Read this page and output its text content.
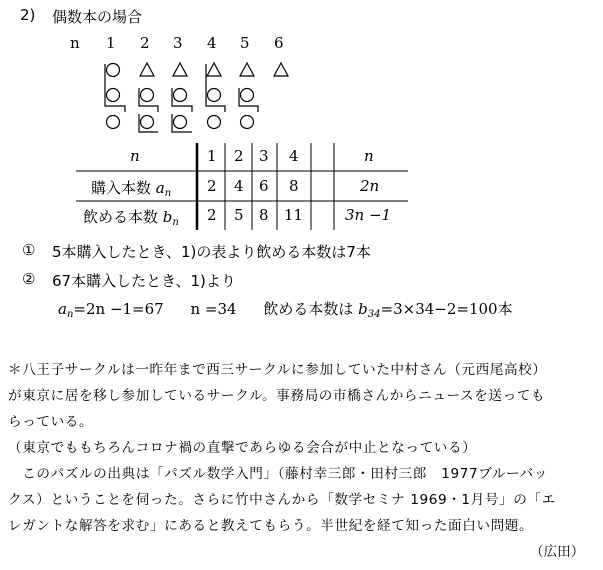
2) 偶数本の場合
n 1 2 3 4 5 6
n	1 2 3 4	n
購入本数 $a_n$ 2 4 6 8	2n
飲める本数 $b_n$ 2 5 8 11	3n −1
① 5本購入したとき、1)の表より飲める本数は7本
② 67本購入したとき、1)より
$a_n=2n -1=67$ n =34 飲める本数は $b_{34}=3\times 34-2=100$本
＊八王子サークルは一昨年まで西三サークルに参加していた中村さん（元西尾高校）
が東京に居を移し参加しているサークル。事務局の市橋さんからニュースを送っても
らっている。
（東京でももちろんコロナ禍の直撃であらゆる会合が中止となっている）
　このパズルの出典は「パズル数学入門」（藤村幸三郎・田村三郎　1977ブルーバッ
クス）ということを伺った。さらに竹中さんから「数学セミナ 1969・1月号」の「エ
レガントな解答を求む」にあると教えてもらう。半世紀を経て知った面白い問題。
（広田）
